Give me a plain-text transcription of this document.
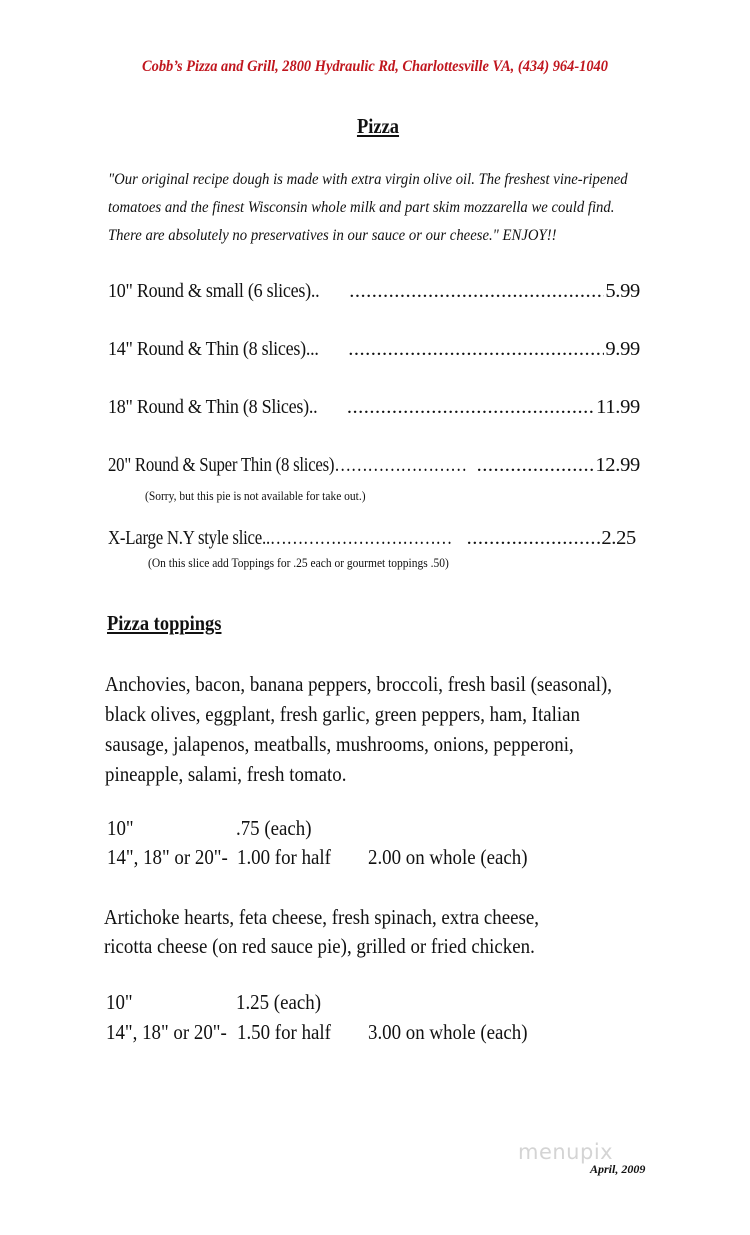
Cobb’s Pizza and Grill, 2800 Hydraulic Rd, Charlottesville VA, (434) 964-1040
Pizza
"Our original recipe dough is made with extra virgin olive oil. The freshest vine-ripened
tomatoes and the finest Wisconsin whole milk and part skim mozzarella we could find.
There are absolutely no preservatives in our sauce or our cheese." ENJOY!!
10" Round & small (6 slices).. .....	5.99
14" Round & Thin (8 slices)... .....	9.99
18" Round & Thin (8 Slices).. .....	11.99
20" Round & Super Thin (8 slices)…………………… .....	12.99
(Sorry, but this pie is not available for take out.)
X-Large N.Y style slice..…………………………… .....	2.25
(On this slice add Toppings for .25 each or gourmet toppings .50)
Pizza toppings
Anchovies, bacon, banana peppers, broccoli, fresh basil (seasonal),
black olives, eggplant, fresh garlic, green peppers, ham, Italian
sausage, jalapenos, meatballs, mushrooms, onions, pepperoni,
pineapple, salami, fresh tomato.
10"	.75 (each)
14", 18" or 20"- 1.00 for half 2.00 on whole (each)
Artichoke hearts, feta cheese, fresh spinach, extra cheese,
ricotta cheese (on red sauce pie), grilled or fried chicken.
10"	1.25 (each)
14", 18" or 20"- 1.50 for half 3.00 on whole (each)
menupix
April, 2009
